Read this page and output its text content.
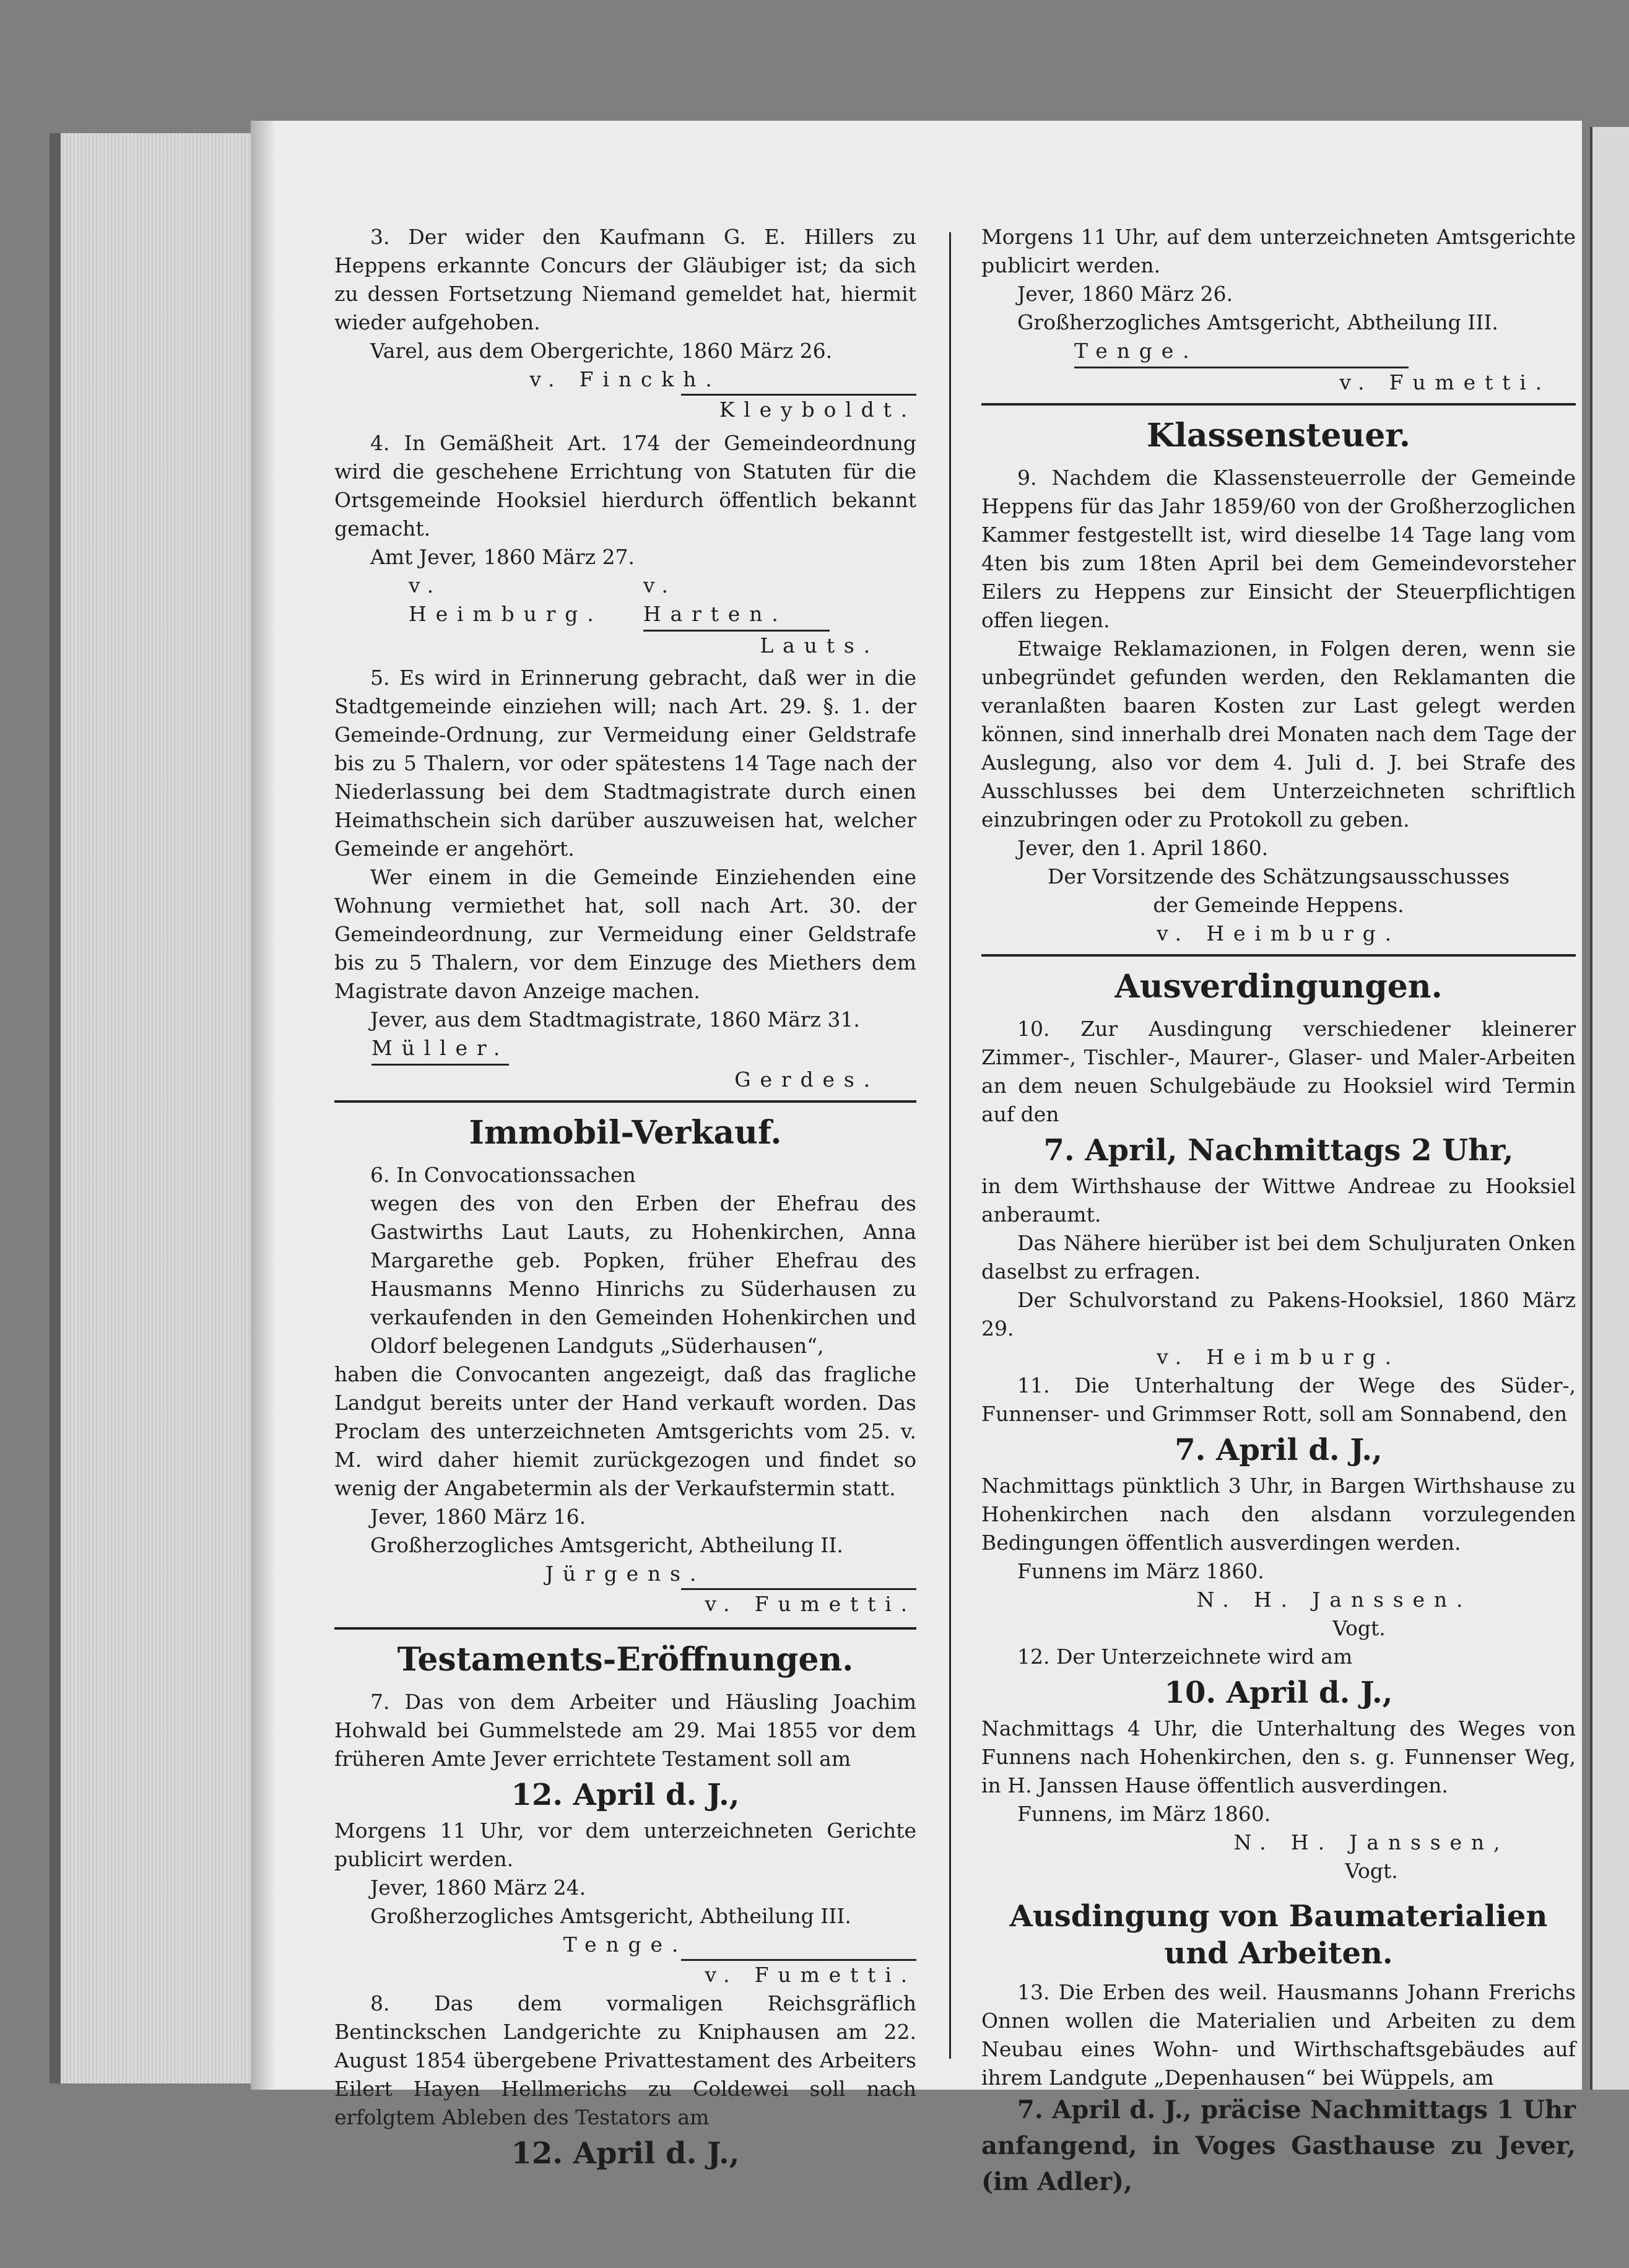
3. Der wider den Kaufmann G. E. Hillers zu Heppens erkannte Concurs der Gläubiger ist; da sich zu dessen Fortsetzung Niemand gemeldet hat, hiermit wieder aufgehoben.

Varel, aus dem Obergerichte, 1860 März 26.

v. Finckh.

Kleyboldt.

4. In Gemäßheit Art. 174 der Gemeindeordnung wird die geschehene Errichtung von Statuten für die Ortsgemeinde Hooksiel hierdurch öffentlich bekannt gemacht.

Amt Jever, 1860 März 27.

v. Heimburg.
v. Harten.

Lauts.

5. Es wird in Erinnerung gebracht, daß wer in die Stadtgemeinde einziehen will; nach Art. 29. §. 1. der Gemeinde-Ordnung, zur Vermeidung einer Geldstrafe bis zu 5 Thalern, vor oder spätestens 14 Tage nach der Niederlassung bei dem Stadtmagistrate durch einen Heimathschein sich darüber auszuweisen hat, welcher Gemeinde er angehört.

Wer einem in die Gemeinde Einziehenden eine Wohnung vermiethet hat, soll nach Art. 30. der Gemeindeordnung, zur Vermeidung einer Geldstrafe bis zu 5 Thalern, vor dem Einzuge des Miethers dem Magistrate davon Anzeige machen.

Jever, aus dem Stadtmagistrate, 1860 März 31.

Müller.

Gerdes.

Immobil-Verkauf.

6. In Convocationssachen

wegen des von den Erben der Ehefrau des Gastwirths Laut Lauts, zu Hohenkirchen, Anna Margarethe geb. Popken, früher Ehefrau des Hausmanns Menno Hinrichs zu Süderhausen zu verkaufenden in den Gemeinden Hohenkirchen und Oldorf belegenen Landguts „Süderhausen“,

haben die Convocanten angezeigt, daß das fragliche Landgut bereits unter der Hand verkauft worden. Das Proclam des unterzeichneten Amtsgerichts vom 25. v. M. wird daher hiemit zurückgezogen und findet so wenig der Angabetermin als der Verkaufstermin statt.

Jever, 1860 März 16.

Großherzogliches Amtsgericht, Abtheilung II.

Jürgens.

v. Fumetti.

Testaments-Eröffnungen.

7. Das von dem Arbeiter und Häusling Joachim Hohwald bei Gummelstede am 29. Mai 1855 vor dem früheren Amte Jever errichtete Testament soll am

12. April d. J.,

Morgens 11 Uhr, vor dem unterzeichneten Gerichte publicirt werden.

Jever, 1860 März 24.

Großherzogliches Amtsgericht, Abtheilung III.

Tenge.

v. Fumetti.

8. Das dem vormaligen Reichsgräflich Bentinckschen Landgerichte zu Kniphausen am 22. August 1854 übergebene Privattestament des Arbeiters Eilert Hayen Hellmerichs zu Coldewei soll nach erfolgtem Ableben des Testators am

12. April d. J.,

Morgens 11 Uhr, auf dem unterzeichneten Amtsgerichte publicirt werden.

Jever, 1860 März 26.

Großherzogliches Amtsgericht, Abtheilung III.

Tenge.

v. Fumetti.

Klassensteuer.

9. Nachdem die Klassensteuerrolle der Gemeinde Heppens für das Jahr 1859/60 von der Großherzoglichen Kammer festgestellt ist, wird dieselbe 14 Tage lang vom 4ten bis zum 18ten April bei dem Gemeindevorsteher Eilers zu Heppens zur Einsicht der Steuerpflichtigen offen liegen.

Etwaige Reklamazionen, in Folgen deren, wenn sie unbegründet gefunden werden, den Reklamanten die veranlaßten baaren Kosten zur Last gelegt werden können, sind innerhalb drei Monaten nach dem Tage der Auslegung, also vor dem 4. Juli d. J. bei Strafe des Ausschlusses bei dem Unterzeichneten schriftlich einzubringen oder zu Protokoll zu geben.

Jever, den 1. April 1860.

Der Vorsitzende des Schätzungsausschusses

der Gemeinde Heppens.

v. Heimburg.

Ausverdingungen.

10. Zur Ausdingung verschiedener kleinerer Zimmer-, Tischler-, Maurer-, Glaser- und Maler-Arbeiten an dem neuen Schulgebäude zu Hooksiel wird Termin auf den

7. April, Nachmittags 2 Uhr,

in dem Wirthshause der Wittwe Andreae zu Hooksiel anberaumt.

Das Nähere hierüber ist bei dem Schuljuraten Onken daselbst zu erfragen.

Der Schulvorstand zu Pakens-Hooksiel, 1860 März 29.

v. Heimburg.

11. Die Unterhaltung der Wege des Süder-, Funnenser- und Grimmser Rott, soll am Sonnabend, den

7. April d. J.,

Nachmittags pünktlich 3 Uhr, in Bargen Wirthshause zu Hohenkirchen nach den alsdann vorzulegenden Bedingungen öffentlich ausverdingen werden.

Funnens im März 1860.

N. H. Janssen.

Vogt.

12. Der Unterzeichnete wird am

10. April d. J.,

Nachmittags 4 Uhr, die Unterhaltung des Weges von Funnens nach Hohenkirchen, den s. g. Funnenser Weg, in H. Janssen Hause öffentlich ausverdingen.

Funnens, im März 1860.

N. H. Janssen,

Vogt.

Ausdingung von Baumaterialien
und Arbeiten.

13. Die Erben des weil. Hausmanns Johann Frerichs Onnen wollen die Materialien und Arbeiten zu dem Neubau eines Wohn- und Wirthschaftsgebäudes auf ihrem Landgute „Depenhausen“ bei Wüppels, am

7. April d. J., präcise Nachmittags 1 Uhr anfangend, in Voges Gasthause zu Jever, (im Adler),
